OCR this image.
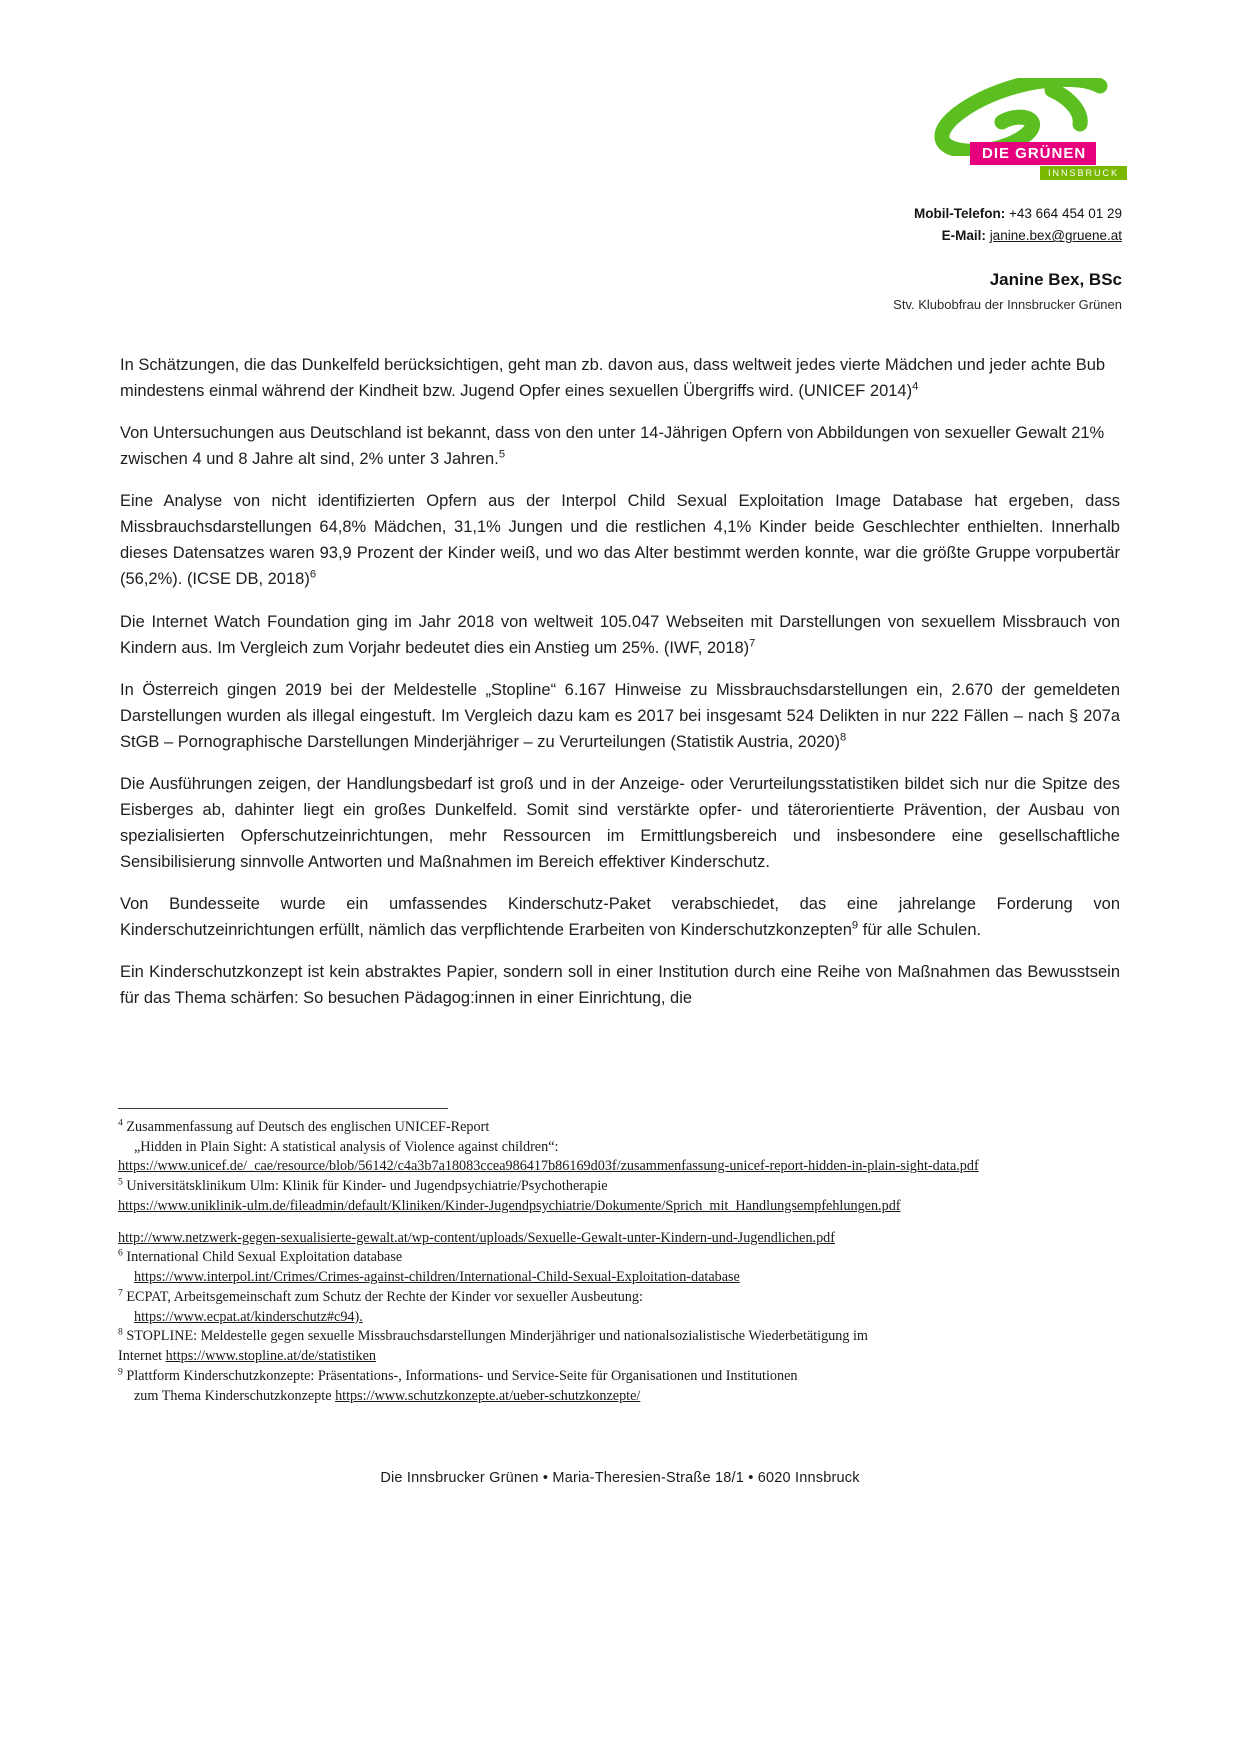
DIE GRÜNEN
INNSBRUCK
Mobil-Telefon: +43 664 454 01 29
E-Mail: janine.bex@gruene.at
Janine Bex, BSc
Stv. Klubobfrau der Innsbrucker Grünen

In Schätzungen, die das Dunkelfeld berücksichtigen, geht man zb. davon aus, dass weltweit jedes vierte Mädchen und jeder achte Bub mindestens einmal während der Kindheit bzw. Jugend Opfer eines sexuellen Übergriffs wird. (UNICEF 2014)$^4$

Von Untersuchungen aus Deutschland ist bekannt, dass von den unter 14-Jährigen Opfern von Abbildungen von sexueller Gewalt 21% zwischen 4 und 8 Jahre alt sind, 2% unter 3 Jahren.$^5$

Eine Analyse von nicht identifizierten Opfern aus der Interpol Child Sexual Exploitation Image Database hat ergeben, dass Missbrauchsdarstellungen 64,8% Mädchen, 31,1% Jungen und die restlichen 4,1% Kinder beide Geschlechter enthielten. Innerhalb dieses Datensatzes waren 93,9 Prozent der Kinder weiß, und wo das Alter bestimmt werden konnte, war die größte Gruppe vorpubertär (56,2%). (ICSE DB, 2018)$^6$

Die Internet Watch Foundation ging im Jahr 2018 von weltweit 105.047 Webseiten mit Darstellungen von sexuellem Missbrauch von Kindern aus. Im Vergleich zum Vorjahr bedeutet dies ein Anstieg um 25%. (IWF, 2018)$^7$

In Österreich gingen 2019 bei der Meldestelle „Stopline“ 6.167 Hinweise zu Missbrauchsdarstellungen ein, 2.670 der gemeldeten Darstellungen wurden als illegal eingestuft. Im Vergleich dazu kam es 2017 bei insgesamt 524 Delikten in nur 222 Fällen – nach § 207a StGB – Pornographische Darstellungen Minderjähriger – zu Verurteilungen (Statistik Austria, 2020)$^8$

Die Ausführungen zeigen, der Handlungsbedarf ist groß und in der Anzeige- oder Verurteilungsstatistiken bildet sich nur die Spitze des Eisberges ab, dahinter liegt ein großes Dunkelfeld. Somit sind verstärkte opfer- und täterorientierte Prävention, der Ausbau von spezialisierten Opferschutzeinrichtungen, mehr Ressourcen im Ermittlungsbereich und insbesondere eine gesellschaftliche Sensibilisierung sinnvolle Antworten und Maßnahmen im Bereich effektiver Kinderschutz.

Von Bundesseite wurde ein umfassendes Kinderschutz-Paket verabschiedet, das eine jahrelange Forderung von Kinderschutzeinrichtungen erfüllt, nämlich das verpflichtende Erarbeiten von Kinderschutzkonzepten$^9$ für alle Schulen.

Ein Kinderschutzkonzept ist kein abstraktes Papier, sondern soll in einer Institution durch eine Reihe von Maßnahmen das Bewusstsein für das Thema schärfen: So besuchen Pädagog:innen in einer Einrichtung, die

$^4$ Zusammenfassung auf Deutsch des englischen UNICEF-Report
„Hidden in Plain Sight: A statistical analysis of Violence against children“:
https://www.unicef.de/_cae/resource/blob/56142/c4a3b7a18083ccea986417b86169d03f/zusammenfassung-unicef-report-hidden-in-plain-sight-data.pdf
$^5$ Universitätsklinikum Ulm: Klinik für Kinder- und Jugendpsychiatrie/Psychotherapie
https://www.uniklinik-ulm.de/fileadmin/default/Kliniken/Kinder-Jugendpsychiatrie/Dokumente/Sprich_mit_Handlungsempfehlungen.pdf
http://www.netzwerk-gegen-sexualisierte-gewalt.at/wp-content/uploads/Sexuelle-Gewalt-unter-Kindern-und-Jugendlichen.pdf
$^6$ International Child Sexual Exploitation database
https://www.interpol.int/Crimes/Crimes-against-children/International-Child-Sexual-Exploitation-database
$^7$ ECPAT, Arbeitsgemeinschaft zum Schutz der Rechte der Kinder vor sexueller Ausbeutung:
https://www.ecpat.at/kinderschutz#c94).
$^8$ STOPLINE: Meldestelle gegen sexuelle Missbrauchsdarstellungen Minderjähriger und nationalsozialistische Wiederbetätigung im
Internet https://www.stopline.at/de/statistiken
$^9$ Plattform Kinderschutzkonzepte: Präsentations-, Informations- und Service-Seite für Organisationen und Institutionen
zum Thema Kinderschutzkonzepte https://www.schutzkonzepte.at/ueber-schutzkonzepte/
Die Innsbrucker Grünen • Maria-Theresien-Straße 18/1 • 6020 Innsbruck
